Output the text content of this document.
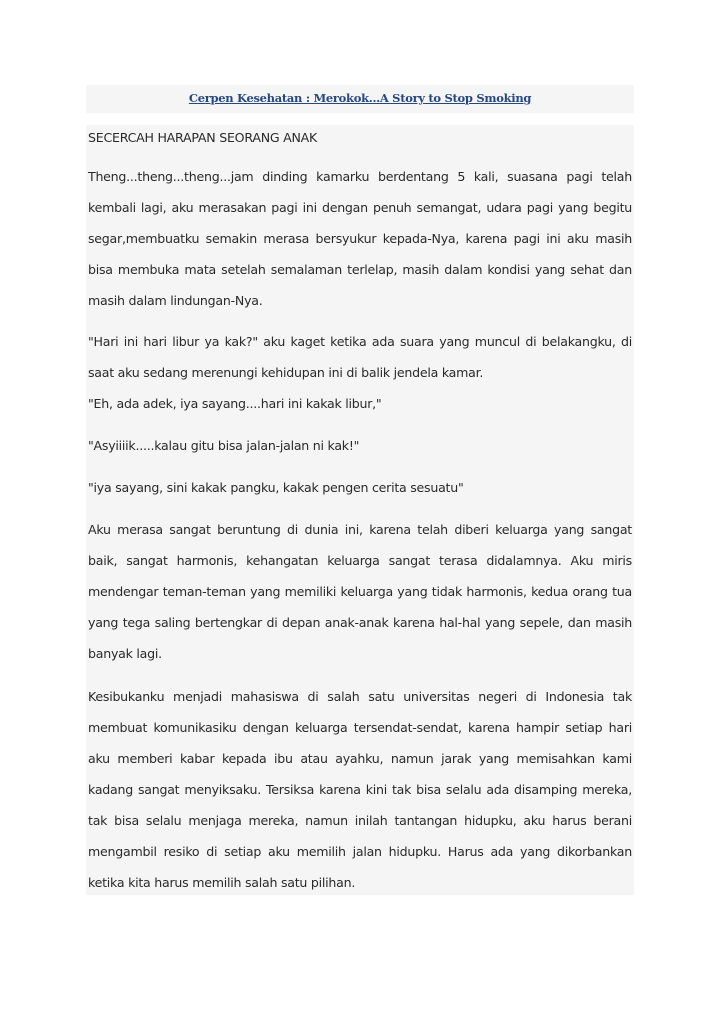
Cerpen Kesehatan : Merokok...A Story to Stop Smoking

SECERCAH HARAPAN SEORANG ANAK

Theng...theng...theng...jam dinding kamarku berdentang 5 kali, suasana pagi telah kembali lagi, aku merasakan pagi ini dengan penuh semangat, udara pagi yang begitu segar,membuatku semakin merasa bersyukur kepada-Nya, karena pagi ini aku masih bisa membuka mata setelah semalaman terlelap, masih dalam kondisi yang sehat dan masih dalam lindungan-Nya.

"Hari ini hari libur ya kak?" aku kaget ketika ada suara yang muncul di belakangku, di saat aku sedang merenungi kehidupan ini di balik jendela kamar.

"Eh, ada adek, iya sayang....hari ini kakak libur,"

"Asyiiiik.....kalau gitu bisa jalan-jalan ni kak!"

"iya sayang, sini kakak pangku, kakak pengen cerita sesuatu"

Aku merasa sangat beruntung di dunia ini, karena telah diberi keluarga yang sangat baik, sangat harmonis, kehangatan keluarga sangat terasa didalamnya. Aku miris mendengar teman-teman yang memiliki keluarga yang tidak harmonis, kedua orang tua yang tega saling bertengkar di depan anak-anak karena hal-hal yang sepele, dan masih banyak lagi.

Kesibukanku menjadi mahasiswa di salah satu universitas negeri di Indonesia tak membuat komunikasiku dengan keluarga tersendat-sendat, karena hampir setiap hari aku memberi kabar kepada ibu atau ayahku, namun jarak yang memisahkan kami kadang sangat menyiksaku. Tersiksa karena kini tak bisa selalu ada disamping mereka, tak bisa selalu menjaga mereka, namun inilah tantangan hidupku, aku harus berani mengambil resiko di setiap aku memilih jalan hidupku. Harus ada yang dikorbankan ketika kita harus memilih salah satu pilihan.
